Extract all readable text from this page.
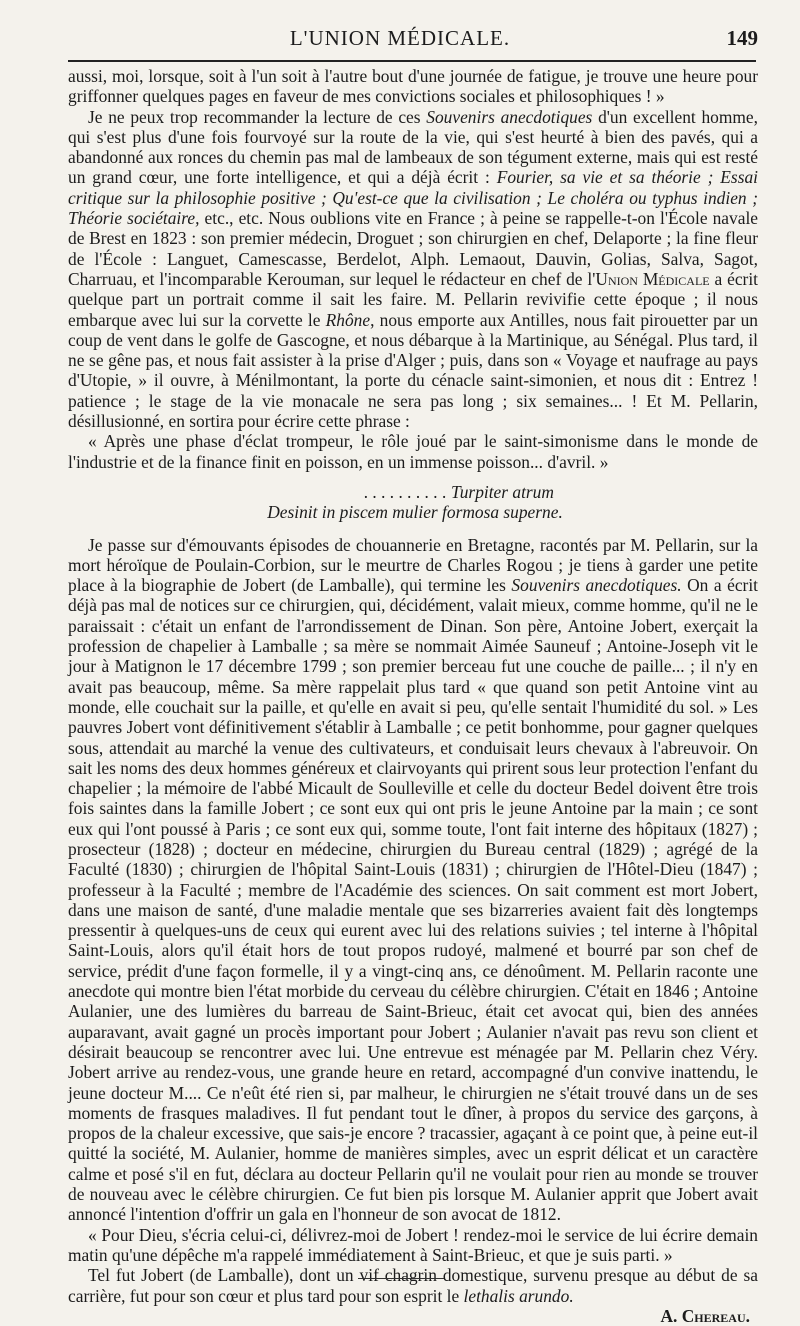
L'UNION MÉDICALE.	149

aussi, moi, lorsque, soit à l'un soit à l'autre bout d'une journée de fatigue, je trouve une heure pour griffonner quelques pages en faveur de mes convictions sociales et philosophiques ! »

Je ne peux trop recommander la lecture de ces Souvenirs anecdotiques d'un excellent homme, qui s'est plus d'une fois fourvoyé sur la route de la vie, qui s'est heurté à bien des pavés, qui a abandonné aux ronces du chemin pas mal de lambeaux de son tégument externe, mais qui est resté un grand cœur, une forte intelligence, et qui a déjà écrit : Fourier, sa vie et sa théorie ; Essai critique sur la philosophie positive ; Qu'est-ce que la civilisation ; Le choléra ou typhus indien ; Théorie sociétaire, etc., etc. Nous oublions vite en France ; à peine se rappelle-t-on l'École navale de Brest en 1823 : son premier médecin, Droguet ; son chirurgien en chef, Delaporte ; la fine fleur de l'École : Languet, Camescasse, Berdelot, Alph. Lemaout, Dauvin, Golias, Salva, Sagot, Charruau, et l'incomparable Kerouman, sur lequel le rédacteur en chef de l'Union Médicale a écrit quelque part un portrait comme il sait les faire. M. Pellarin revivifie cette époque ; il nous embarque avec lui sur la corvette le Rhône, nous emporte aux Antilles, nous fait pirouetter par un coup de vent dans le golfe de Gascogne, et nous débarque à la Martinique, au Sénégal. Plus tard, il ne se gêne pas, et nous fait assister à la prise d'Alger ; puis, dans son « Voyage et naufrage au pays d'Utopie, » il ouvre, à Ménilmontant, la porte du cénacle saint-simonien, et nous dit : Entrez ! patience ; le stage de la vie monacale ne sera pas long ; six semaines... ! Et M. Pellarin, désillusionné, en sortira pour écrire cette phrase :

« Après une phase d'éclat trompeur, le rôle joué par le saint-simonisme dans le monde de l'industrie et de la finance finit en poisson, en un immense poisson... d'avril. »

. . . . . . . . . . Turpiter atrum
Desinit in piscem mulier formosa superne.

Je passe sur d'émouvants épisodes de chouannerie en Bretagne, racontés par M. Pellarin, sur la mort héroïque de Poulain-Corbion, sur le meurtre de Charles Rogou ; je tiens à garder une petite place à la biographie de Jobert (de Lamballe), qui termine les Souvenirs anecdotiques. On a écrit déjà pas mal de notices sur ce chirurgien, qui, décidément, valait mieux, comme homme, qu'il ne le paraissait : c'était un enfant de l'arrondissement de Dinan. Son père, Antoine Jobert, exerçait la profession de chapelier à Lamballe ; sa mère se nommait Aimée Sauneuf ; Antoine-Joseph vit le jour à Matignon le 17 décembre 1799 ; son premier berceau fut une couche de paille... ; il n'y en avait pas beaucoup, même. Sa mère rappelait plus tard « que quand son petit Antoine vint au monde, elle couchait sur la paille, et qu'elle en avait si peu, qu'elle sentait l'humidité du sol. » Les pauvres Jobert vont définitivement s'établir à Lamballe ; ce petit bonhomme, pour gagner quelques sous, attendait au marché la venue des cultivateurs, et conduisait leurs chevaux à l'abreuvoir. On sait les noms des deux hommes généreux et clairvoyants qui prirent sous leur protection l'enfant du chapelier ; la mémoire de l'abbé Micault de Soulleville et celle du docteur Bedel doivent être trois fois saintes dans la famille Jobert ; ce sont eux qui ont pris le jeune Antoine par la main ; ce sont eux qui l'ont poussé à Paris ; ce sont eux qui, somme toute, l'ont fait interne des hôpitaux (1827) ; prosecteur (1828) ; docteur en médecine, chirurgien du Bureau central (1829) ; agrégé de la Faculté (1830) ; chirurgien de l'hôpital Saint-Louis (1831) ; chirurgien de l'Hôtel-Dieu (1847) ; professeur à la Faculté ; membre de l'Académie des sciences. On sait comment est mort Jobert, dans une maison de santé, d'une maladie mentale que ses bizarreries avaient fait dès longtemps pressentir à quelques-uns de ceux qui eurent avec lui des relations suivies ; tel interne à l'hôpital Saint-Louis, alors qu'il était hors de tout propos rudoyé, malmené et bourré par son chef de service, prédit d'une façon formelle, il y a vingt-cinq ans, ce dénoûment. M. Pellarin raconte une anecdote qui montre bien l'état morbide du cerveau du célèbre chirurgien. C'était en 1846 ; Antoine Aulanier, une des lumières du barreau de Saint-Brieuc, était cet avocat qui, bien des années auparavant, avait gagné un procès important pour Jobert ; Aulanier n'avait pas revu son client et désirait beaucoup se rencontrer avec lui. Une entrevue est ménagée par M. Pellarin chez Véry. Jobert arrive au rendez-vous, une grande heure en retard, accompagné d'un convive inattendu, le jeune docteur M.... Ce n'eût été rien si, par malheur, le chirurgien ne s'était trouvé dans un de ses moments de frasques maladives. Il fut pendant tout le dîner, à propos du service des garçons, à propos de la chaleur excessive, que sais-je encore ? tracassier, agaçant à ce point que, à peine eut-il quitté la société, M. Aulanier, homme de manières simples, avec un esprit délicat et un caractère calme et posé s'il en fut, déclara au docteur Pellarin qu'il ne voulait pour rien au monde se trouver de nouveau avec le célèbre chirurgien. Ce fut bien pis lorsque M. Aulanier apprit que Jobert avait annoncé l'intention d'offrir un gala en l'honneur de son avocat de 1812.

« Pour Dieu, s'écria celui-ci, délivrez-moi de Jobert ! rendez-moi le service de lui écrire demain matin qu'une dépêche m'a rappelé immédiatement à Saint-Brieuc, et que je suis parti. »

Tel fut Jobert (de Lamballe), dont un vif chagrin domestique, survenu presque au début de sa carrière, fut pour son cœur et plus tard pour son esprit le lethalis arundo.

A. Chereau.
